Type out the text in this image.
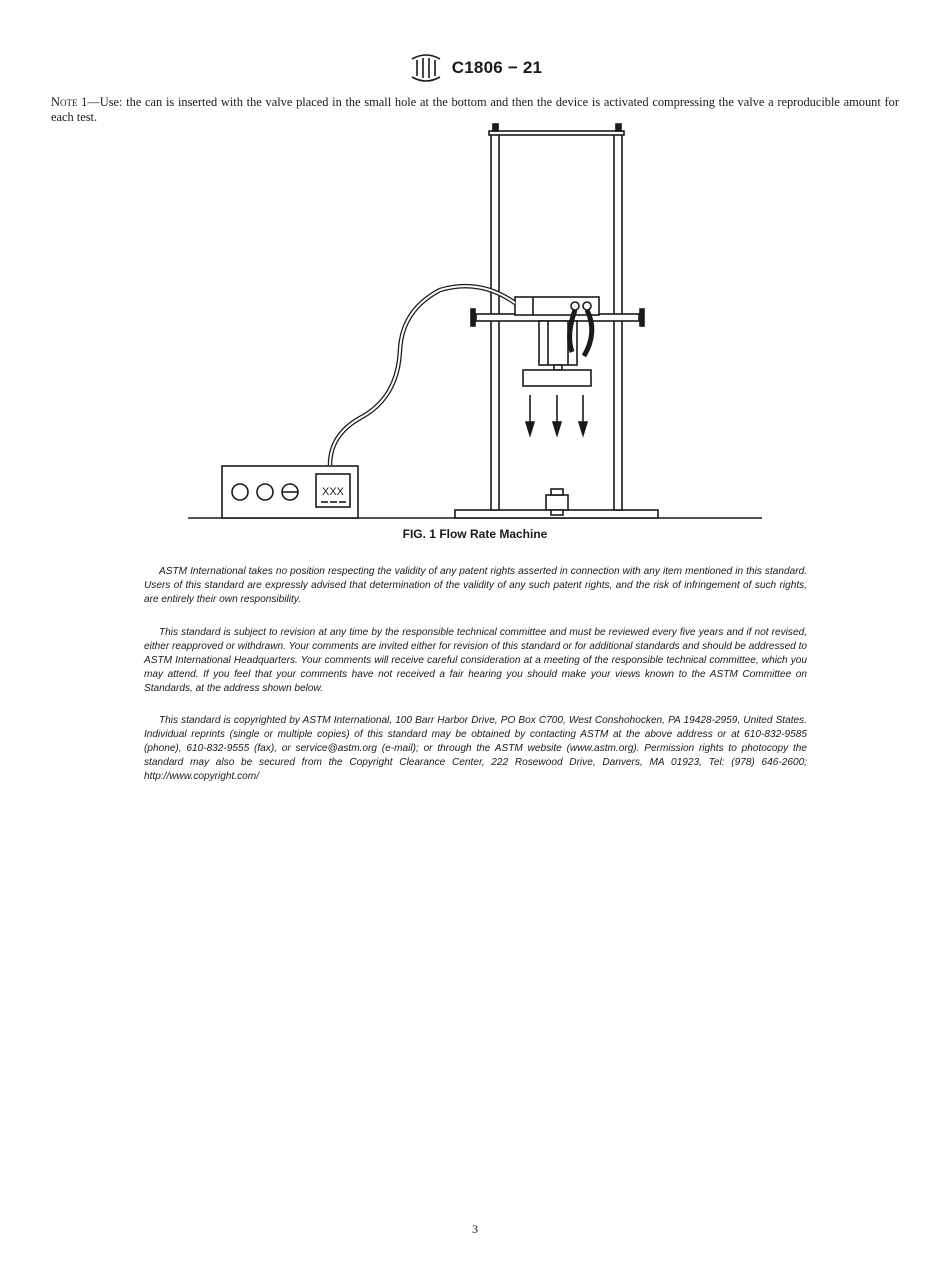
C1806 − 21

Note 1—Use: the can is inserted with the valve placed in the small hole at the bottom and then the device is activated compressing the valve a reproducible amount for each test.

XXX
FIG. 1 Flow Rate Machine

ASTM International takes no position respecting the validity of any patent rights asserted in connection with any item mentioned in this standard. Users of this standard are expressly advised that determination of the validity of any such patent rights, and the risk of infringement of such rights, are entirely their own responsibility.

This standard is subject to revision at any time by the responsible technical committee and must be reviewed every five years and if not revised, either reapproved or withdrawn. Your comments are invited either for revision of this standard or for additional standards and should be addressed to ASTM International Headquarters. Your comments will receive careful consideration at a meeting of the responsible technical committee, which you may attend. If you feel that your comments have not received a fair hearing you should make your views known to the ASTM Committee on Standards, at the address shown below.

This standard is copyrighted by ASTM International, 100 Barr Harbor Drive, PO Box C700, West Conshohocken, PA 19428-2959, United States. Individual reprints (single or multiple copies) of this standard may be obtained by contacting ASTM at the above address or at 610-832-9585 (phone), 610-832-9555 (fax), or service@astm.org (e-mail); or through the ASTM website (www.astm.org). Permission rights to photocopy the standard may also be secured from the Copyright Clearance Center, 222 Rosewood Drive, Danvers, MA 01923, Tel: (978) 646-2600; http://www.copyright.com/

3
